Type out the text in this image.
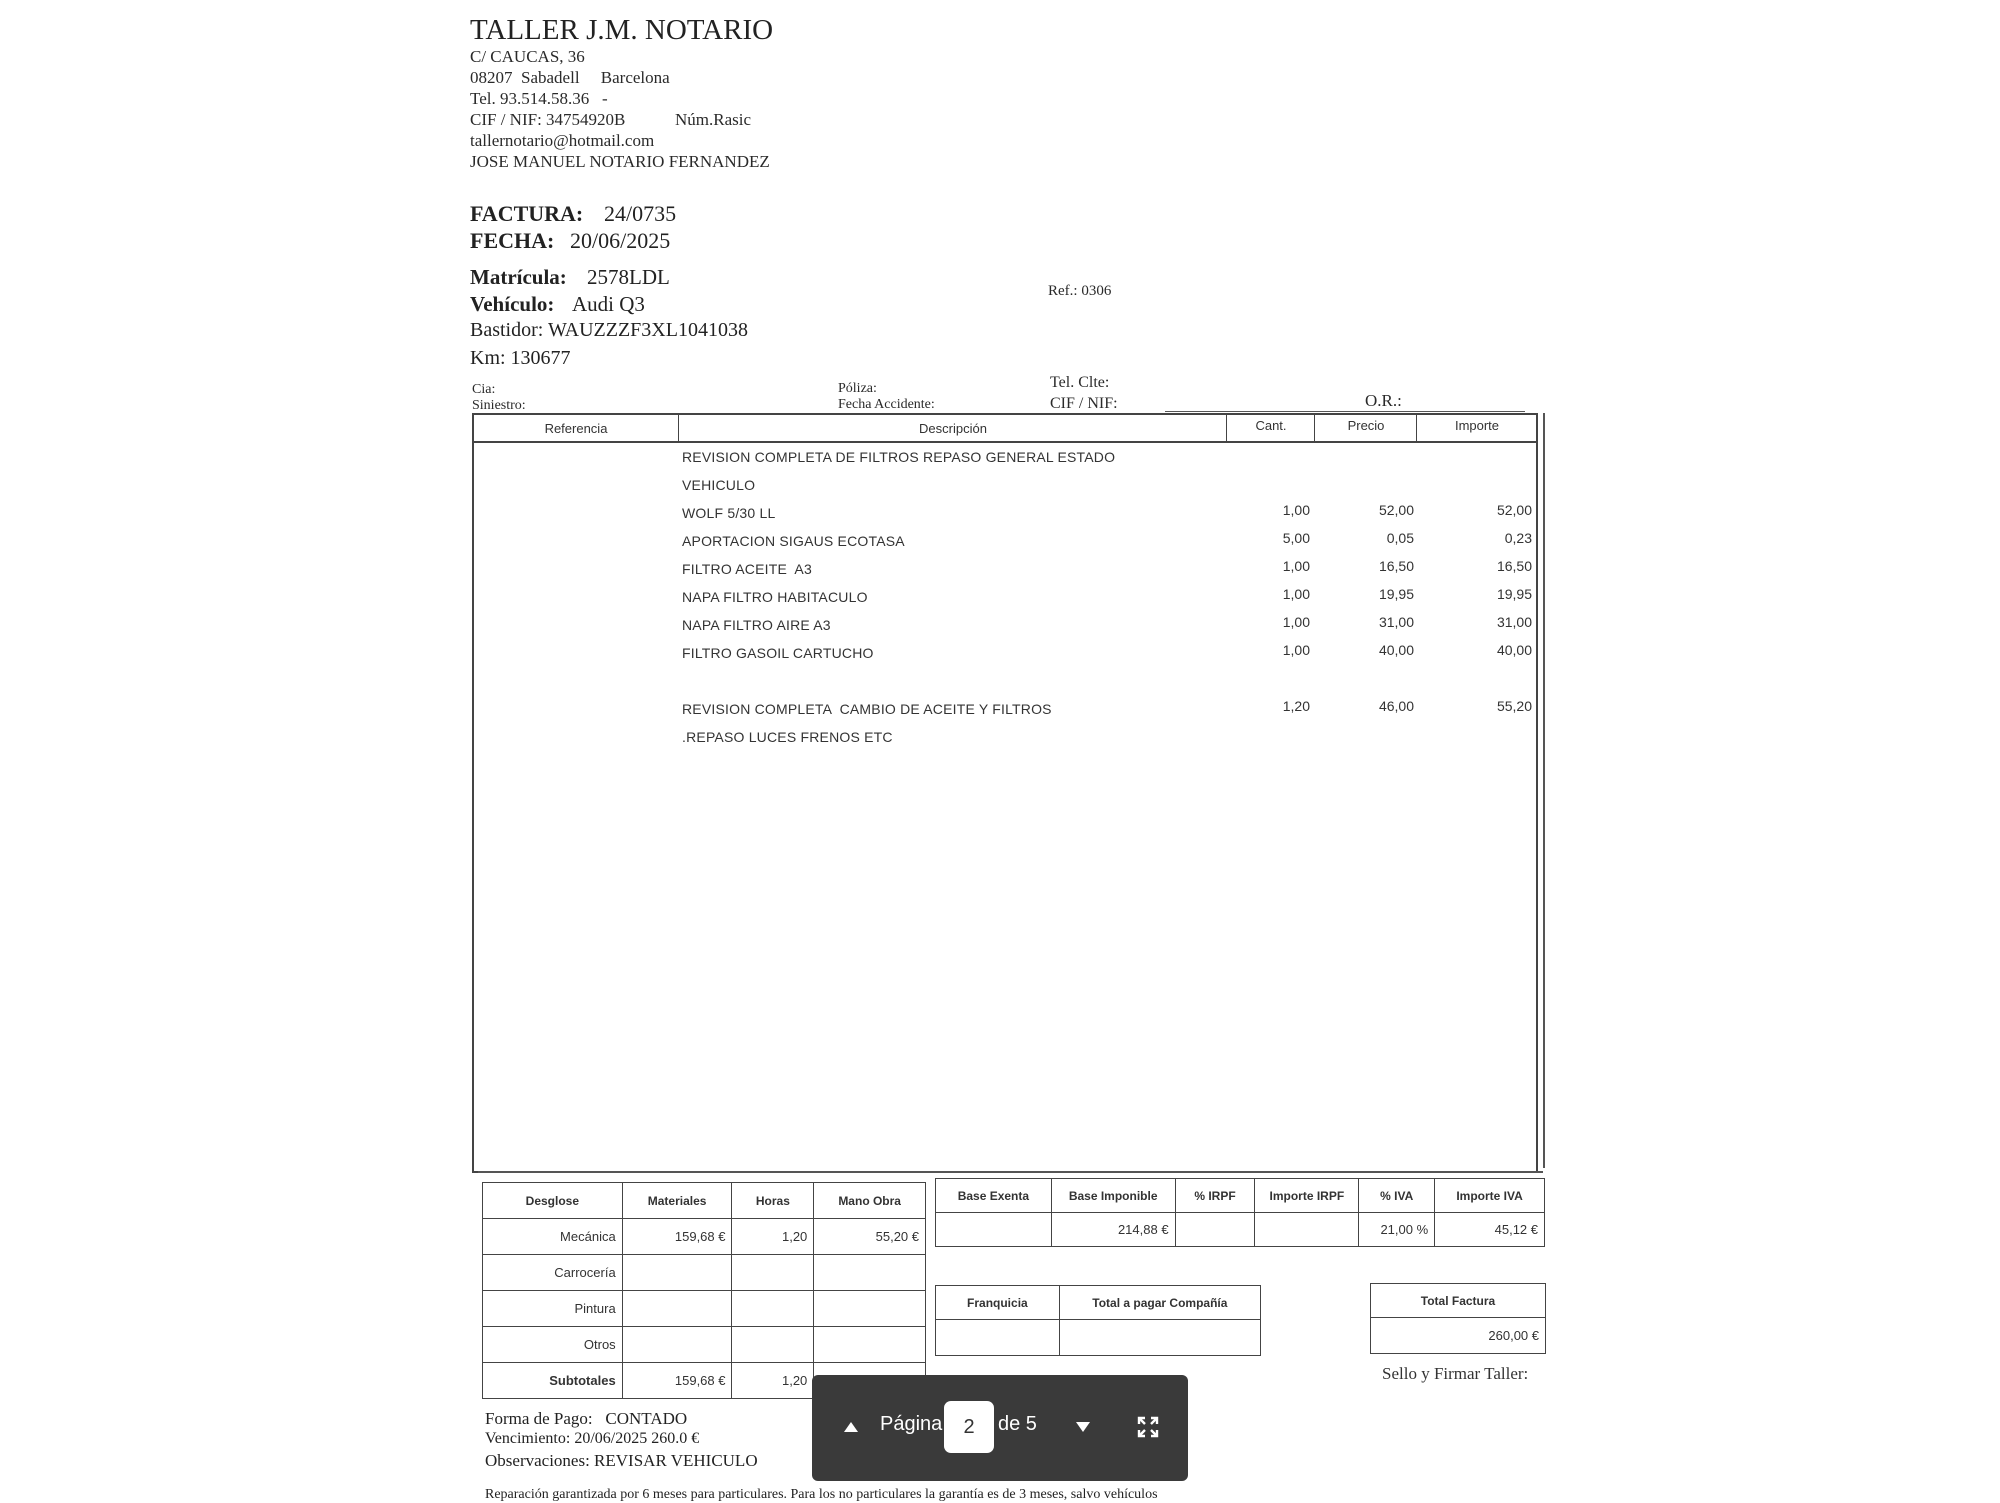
TALLER J.M. NOTARIO
C/ CAUCAS, 36
08207  Sabadell     Barcelona
Tel. 93.514.58.36   -
CIF / NIF: 34754920B	Núm.Rasic
tallernotario@hotmail.com
JOSE MANUEL NOTARIO FERNANDEZ
FACTURA: 24/0735
FECHA: 20/06/2025
Matrícula: 2578LDL
Vehículo: Audi Q3
Bastidor: WAUZZZF3XL1041038
Km: 130677
Ref.: 0306
Cia:
Siniestro:
Póliza:
Fecha Accidente:
Tel. Clte:
CIF / NIF:	O.R.:
Referencia	Descripción	Cant.	Precio	Importe
REVISION COMPLETA DE FILTROS REPASO GENERAL ESTADO
VEHICULO
WOLF 5/30 LL	1,00	52,00	52,00
APORTACION SIGAUS ECOTASA	5,00	0,05	0,23
FILTRO ACEITE  A3	1,00	16,50	16,50
NAPA FILTRO HABITACULO	1,00	19,95	19,95
NAPA FILTRO AIRE A3	1,00	31,00	31,00
FILTRO GASOIL CARTUCHO	1,00	40,00	40,00
REVISION COMPLETA  CAMBIO DE ACEITE Y FILTROS	1,20	46,00	55,20
.REPASO LUCES FRENOS ETC
Desglose	Materiales	Horas	Mano Obra
Mecánica	159,68 €	1,20	55,20 €
Carrocería			
Pintura			
Otros			
Subtotales	159,68 €	1,20	
Base Exenta	Base Imponible	% IRPF	Importe IRPF	% IVA	Importe IVA
	214,88 €			21,00 %	45,12 €
Franquicia	Total a pagar Compañía
		Total Factura
260,00 €
Sello y Firmar Taller:
Forma de Pago:   CONTADO
Vencimiento: 20/06/2025 260.0 €
Observaciones: REVISAR VEHICULO
Reparación garantizada por 6 meses para particulares. Para los no particulares la garantía es de 3 meses, salvo vehículos
Página
2	de 5
